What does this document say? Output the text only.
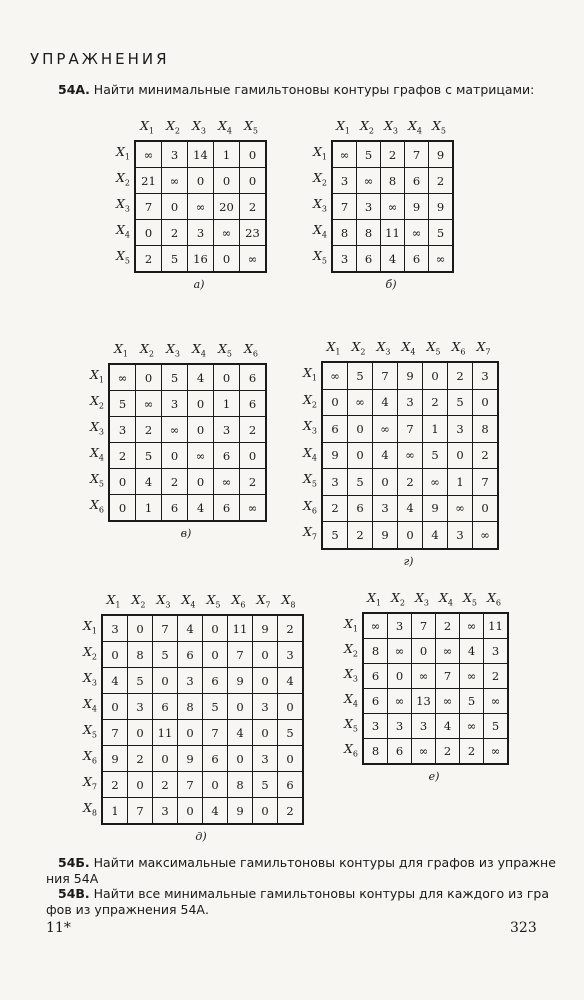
УПРАЖНЕНИЯ
54А. Найти минимальные гамильтоновы контуры графов с матрицами:
$X_1$ $X_2$ $X_3$ $X_4$ $X_5$
$X_1$
$X_2$
$X_3$
$X_4$
$X_5$
∞	3	14	1	0
21	∞	0	0	0
7	0	∞	20	2
0	2	3	∞	23
2	5	16	0	∞
а)
$X_1$ $X_2$ $X_3$ $X_4$ $X_5$
$X_1$
$X_2$
$X_3$
$X_4$
$X_5$
∞	5	2	7	9
3	∞	8	6	2
7	3	∞	9	9
8	8	11	∞	5
3	6	4	6	∞
б)
$X_1$ $X_2$ $X_3$ $X_4$ $X_5$ $X_6$
$X_1$
$X_2$
$X_3$
$X_4$
$X_5$
$X_6$
∞	0	5	4	0	6
5	∞	3	0	1	6
3	2	∞	0	3	2
2	5	0	∞	6	0
0	4	2	0	∞	2
0	1	6	4	6	∞
в)
$X_1$ $X_2$ $X_3$ $X_4$ $X_5$ $X_6$ $X_7$
$X_1$
$X_2$
$X_3$
$X_4$
$X_5$
$X_6$
$X_7$
∞	5	7	9	0	2	3
0	∞	4	3	2	5	0
6	0	∞	7	1	3	8
9	0	4	∞	5	0	2
3	5	0	2	∞	1	7
2	6	3	4	9	∞	0
5	2	9	0	4	3	∞
г)
$X_1$ $X_2$ $X_3$ $X_4$ $X_5$ $X_6$ $X_7$ $X_8$
$X_1$
$X_2$
$X_3$
$X_4$
$X_5$
$X_6$
$X_7$
$X_8$
3	0	7	4	0	11	9	2
0	8	5	6	0	7	0	3
4	5	0	3	6	9	0	4
0	3	6	8	5	0	3	0
7	0	11	0	7	4	0	5
9	2	0	9	6	0	3	0
2	0	2	7	0	8	5	6
1	7	3	0	4	9	0	2
д)
$X_1$ $X_2$ $X_3$ $X_4$ $X_5$ $X_6$
$X_1$
$X_2$
$X_3$
$X_4$
$X_5$
$X_6$
∞	3	7	2	∞	11
8	∞	0	∞	4	3
6	0	∞	7	∞	2
6	∞	13	∞	5	∞
3	3	3	4	∞	5
8	6	∞	2	2	∞
е)
54Б. Найти максимальные гамильтоновы контуры для графов из упражне
ния 54А
54В. Найти все минимальные гамильтоновы контуры для каждого из гра
фов из упражнения 54А.
11*	323
